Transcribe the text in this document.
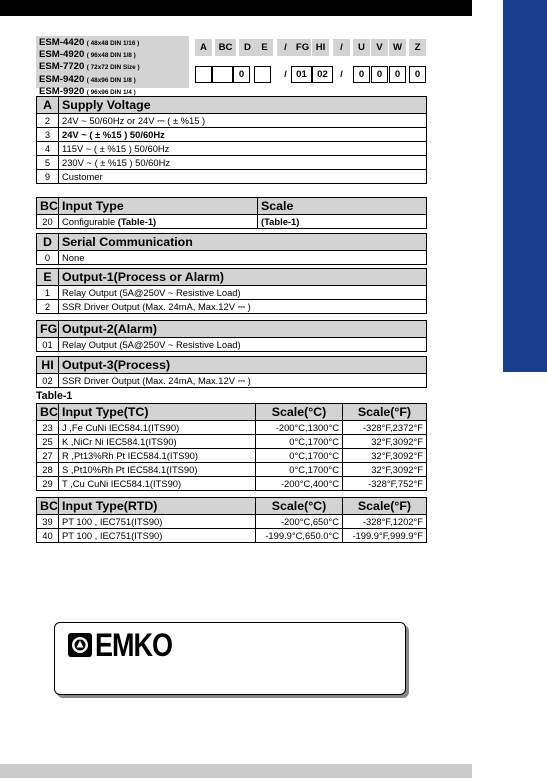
ESM-4420 ( 48x48 DIN 1/16 )
ESM-4920 ( 96x48 DIN 1/8 )
ESM-7720 ( 72x72 DIN Size )
ESM-9420 ( 48x96 DIN 1/8 )
ESM-9920 ( 96x96 DIN 1/4 )
A	BC	D	E	/ FG HI	/	U	V	W	Z
0	/ 01	02	/	0	0	0	0
A	Supply Voltage
2	24V ~ 50/60Hz or 24V ⎓ ( ± %15 )
3	24V ~ ( ± %15 ) 50/60Hz
4	115V ~ ( ± %15 ) 50/60Hz
5	230V ~ ( ± %15 ) 50/60Hz
9	Customer
BC	Input Type	Scale
20	Configurable (Table-1)	(Table-1)
D	Serial Communication
0	None
E	Output-1(Process or Alarm)
1	Relay Output (5A@250V ~ Resistive Load)
2	SSR Driver Output (Max. 24mA, Max.12V ⎓ )
FG	Output-2(Alarm)
01	Relay Output (5A@250V ~ Resistive Load)
HI	Output-3(Process)
02	SSR Driver Output (Max. 24mA, Max.12V ⎓ )
Table-1
BC	Input Type(TC)	Scale(°C)	Scale(°F)
23	J ,Fe CuNi IEC584.1(ITS90)	-200°C,1300°C	-328°F,2372°F
25	K ,NiCr Ni IEC584.1(ITS90)	0°C,1700°C	32°F,3092°F
27	R ,Pt13%Rh Pt IEC584.1(ITS90)	0°C,1700°C	32°F,3092°F
28	S ,Pt10%Rh Pt IEC584.1(ITS90)	0°C,1700°C	32°F,3092°F
29	T ,Cu CuNi IEC584.1(ITS90)	-200°C,400°C	-328°F,752°F
BC	Input Type(RTD)	Scale(°C)	Scale(°F)
39	PT 100 , IEC751(ITS90)	-200°C,650°C	-328°F,1202°F
40	PT 100 , IEC751(ITS90)	-199.9°C,650.0°C	-199.9°F,999.9°F
EMKO
